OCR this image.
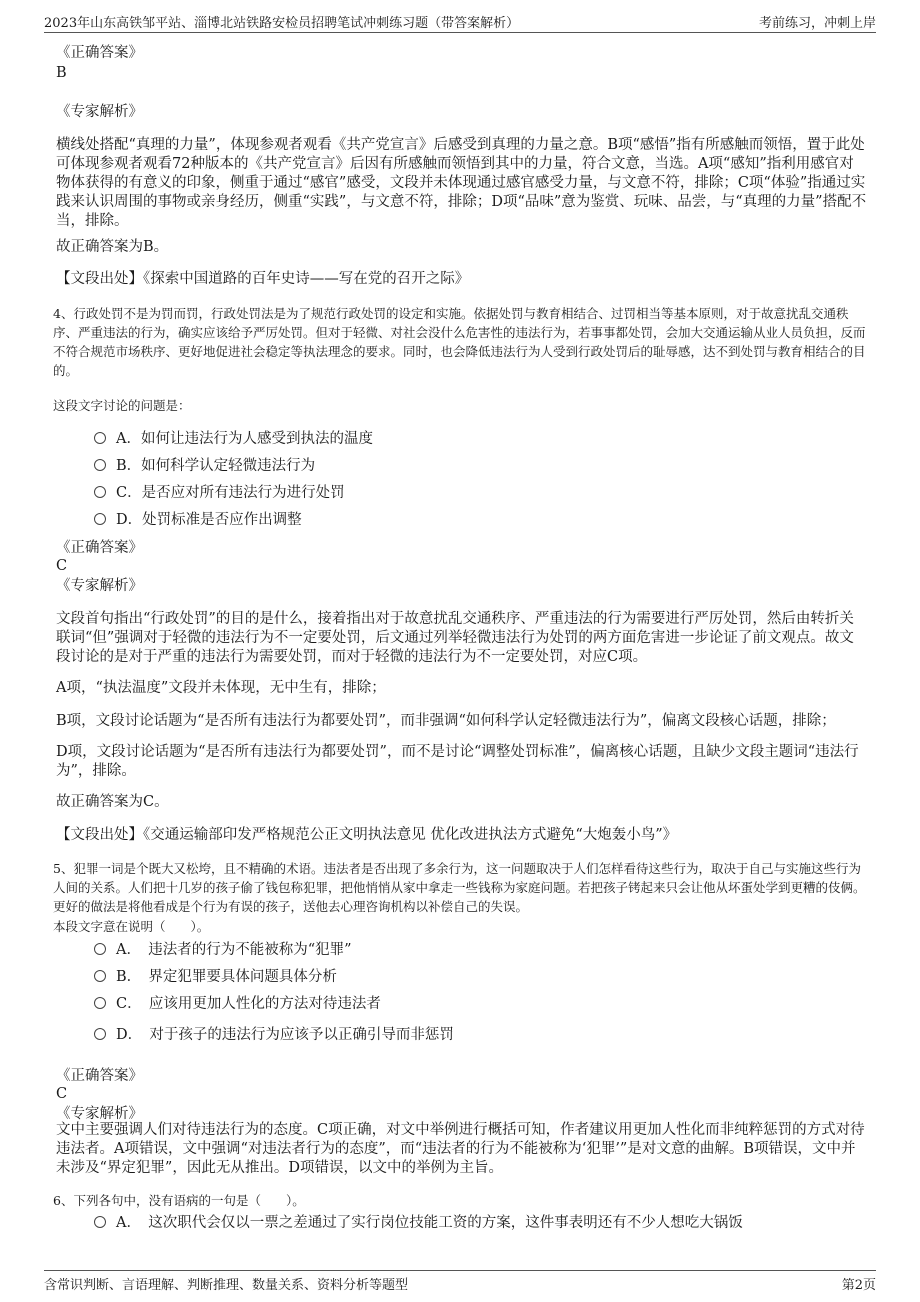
2023年山东高铁邹平站、淄博北站铁路安检员招聘笔试冲刺练习题（带答案解析）	考前练习，冲刺上岸

《正确答案》

B

《专家解析》

横线处搭配“真理的力量”，体现参观者观看《共产党宣言》后感受到真理的力量之意。B项“感悟”指有所感触而领悟，置于此处可体现参观者观看72种版本的《共产党宣言》后因有所感触而领悟到其中的力量，符合文意，当选。A项“感知”指利用感官对物体获得的有意义的印象，侧重于通过“感官”感受，文段并未体现通过感官感受力量，与文意不符，排除；C项“体验”指通过实践来认识周围的事物或亲身经历，侧重“实践”，与文意不符，排除；D项“品味”意为鉴赏、玩味、品尝，与“真理的力量”搭配不当，排除。

故正确答案为B。

【文段出处】《探索中国道路的百年史诗——写在党的召开之际》

4、行政处罚不是为罚而罚，行政处罚法是为了规范行政处罚的设定和实施。依据处罚与教育相结合、过罚相当等基本原则，对于故意扰乱交通秩序、严重违法的行为，确实应该给予严厉处罚。但对于轻微、对社会没什么危害性的违法行为，若事事都处罚，会加大交通运输从业人员负担，反而不符合规范市场秩序、更好地促进社会稳定等执法理念的要求。同时，也会降低违法行为人受到行政处罚后的耻辱感，达不到处罚与教育相结合的目的。

这段文字讨论的问题是：

A．如何让违法行为人感受到执法的温度
B．如何科学认定轻微违法行为
C．是否应对所有违法行为进行处罚
D．处罚标准是否应作出调整

《正确答案》

C

《专家解析》

文段首句指出“行政处罚”的目的是什么，接着指出对于故意扰乱交通秩序、严重违法的行为需要进行严厉处罚，然后由转折关联词“但”强调对于轻微的违法行为不一定要处罚，后文通过列举轻微违法行为处罚的两方面危害进一步论证了前文观点。故文段讨论的是对于严重的违法行为需要处罚，而对于轻微的违法行为不一定要处罚，对应C项。

A项，“执法温度”文段并未体现，无中生有，排除；

B项，文段讨论话题为“是否所有违法行为都要处罚”，而非强调“如何科学认定轻微违法行为”，偏离文段核心话题，排除；

D项，文段讨论话题为“是否所有违法行为都要处罚”，而不是讨论“调整处罚标准”，偏离核心话题，且缺少文段主题词“违法行为”，排除。

故正确答案为C。

【文段出处】《交通运输部印发严格规范公正文明执法意见 优化改进执法方式避免“大炮轰小鸟”》

5、犯罪一词是个既大又松垮，且不精确的术语。违法者是否出现了多余行为，这一问题取决于人们怎样看待这些行为，取决于自己与实施这些行为人间的关系。人们把十几岁的孩子偷了钱包称犯罪，把他悄悄从家中拿走一些钱称为家庭问题。若把孩子铐起来只会让他从坏蛋处学到更糟的伎俩。更好的做法是将他看成是个行为有误的孩子，送他去心理咨询机构以补偿自己的失误。

本段文字意在说明（　　）。

A．　违法者的行为不能被称为“犯罪”
B．　界定犯罪要具体问题具体分析
C．　应该用更加人性化的方法对待违法者
D．　对于孩子的违法行为应该予以正确引导而非惩罚

《正确答案》

C

《专家解析》

文中主要强调人们对待违法行为的态度。C项正确，对文中举例进行概括可知，作者建议用更加人性化而非纯粹惩罚的方式对待违法者。A项错误，文中强调“对违法者行为的态度”，而“违法者的行为不能被称为‘犯罪’”是对文意的曲解。B项错误，文中并未涉及“界定犯罪”，因此无从推出。D项错误，以文中的举例为主旨。

6、下列各句中，没有语病的一句是（　　）。

A．　这次职代会仅以一票之差通过了实行岗位技能工资的方案，这件事表明还有不少人想吃大锅饭
含常识判断、言语理解、判断推理、数量关系、资料分析等题型	第2页
